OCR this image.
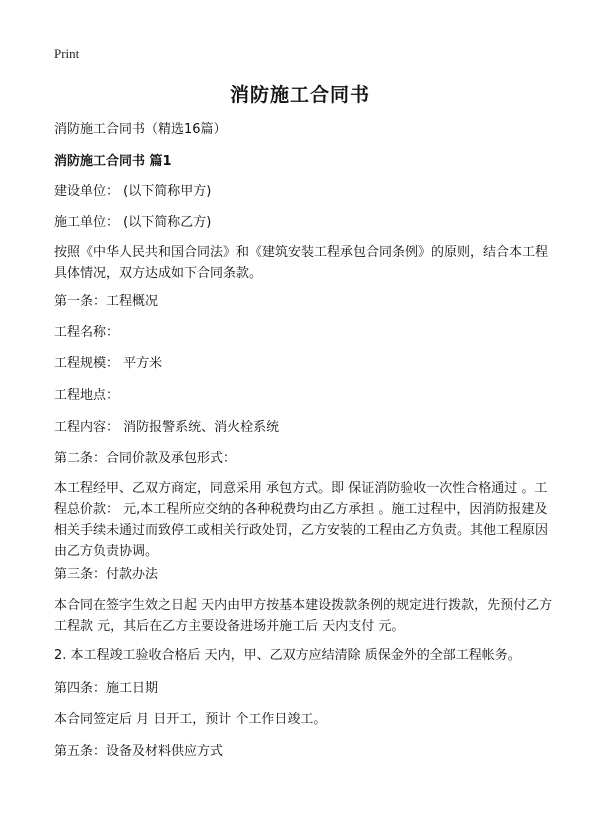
Print
消防施工合同书
消防施工合同书（精选16篇）
消防施工合同书 篇1
建设单位： (以下简称甲方)
施工单位： (以下简称乙方)
按照《中华人民共和国合同法》和《建筑安装工程承包合同条例》的原则，结合本工程具体情况，双方达成如下合同条款。
第一条：工程概况
工程名称：
工程规模： 平方米
工程地点：
工程内容： 消防报警系统、消火栓系统
第二条：合同价款及承包形式：
本工程经甲、乙双方商定，同意采用 承包方式。即 保证消防验收一次性合格通过 。工程总价款： 元,本工程所应交纳的各种税费均由乙方承担 。施工过程中，因消防报建及相关手续未通过而致停工或相关行政处罚，乙方安装的工程由乙方负责。其他工程原因由乙方负责协调。
第三条：付款办法
本合同在签字生效之日起 天内由甲方按基本建设拨款条例的规定进行拨款，先预付乙方工程款 元，其后在乙方主要设备进场并施工后 天内支付 元。
2. 本工程竣工验收合格后 天内，甲、乙双方应结清除 质保金外的全部工程帐务。
第四条：施工日期
本合同签定后 月 日开工，预计 个工作日竣工。
第五条：设备及材料供应方式
